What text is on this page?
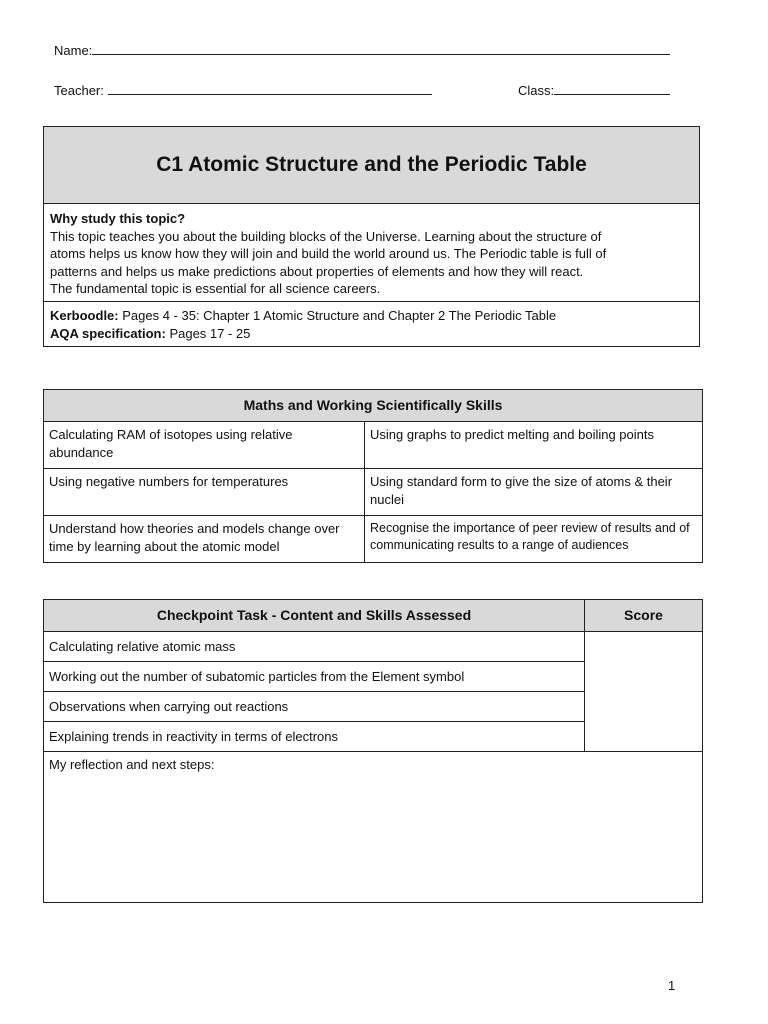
Name:
Teacher:	Class:
C1 Atomic Structure and the Periodic Table
Why study this topic?
This topic teaches you about the building blocks of the Universe. Learning about the structure of
atoms helps us know how they will join and build the world around us. The Periodic table is full of
patterns and helps us make predictions about properties of elements and how they will react.
The fundamental topic is essential for all science careers.
Kerboodle: Pages 4 - 35: Chapter 1 Atomic Structure and Chapter 2 The Periodic Table
AQA specification: Pages 17 - 25
Maths and Working Scientifically Skills	
Calculating RAM of isotopes using relative abundance	Using graphs to predict melting and boiling points
Using negative numbers for temperatures	Using standard form to give the size of atoms & their nuclei
Understand how theories and models change over time by learning about the atomic model	Recognise the importance of peer review of results and of communicating results to a range of audiences
Checkpoint Task - Content and Skills Assessed	Score
Calculating relative atomic mass	
Working out the number of subatomic particles from the Element symbol	
Observations when carrying out reactions	
Explaining trends in reactivity in terms of electrons	
My reflection and next steps:	
1
